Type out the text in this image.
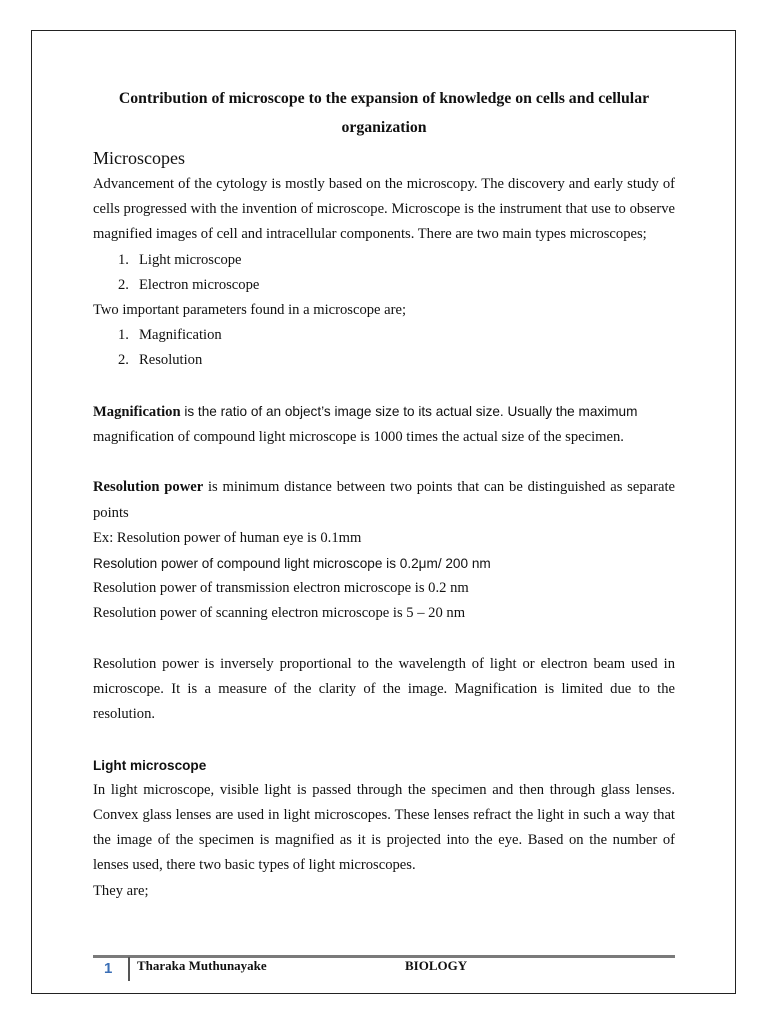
Contribution of microscope to the expansion of knowledge on cells and cellular organization
Microscopes

Advancement of the cytology is mostly based on the microscopy. The discovery and early study of cells progressed with the invention of microscope. Microscope is the instrument that use to observe magnified images of cell and intracellular components. There are two main types microscopes;

1. Light microscope
2. Electron microscope

Two important parameters found in a microscope are;

1. Magnification
2. Resolution

Magnification is the ratio of an object’s image size to its actual size. Usually the maximum

magnification of compound light microscope is 1000 times the actual size of the specimen.

Resolution power is minimum distance between two points that can be distinguished as separate points

Ex: Resolution power of human eye is 0.1mm

Resolution power of compound light microscope is 0.2μm/ 200 nm

Resolution power of transmission electron microscope is 0.2 nm

Resolution power of scanning electron microscope is 5 – 20 nm

Resolution power is inversely proportional to the wavelength of light or electron beam used in microscope. It is a measure of the clarity of the image. Magnification is limited due to the resolution.

Light microscope

In light microscope, visible light is passed through the specimen and then through glass lenses. Convex glass lenses are used in light microscopes. These lenses refract the light in such a way that the image of the specimen is magnified as it is projected into the eye. Based on the number of lenses used, there two basic types of light microscopes.

They are;

1	Tharaka Muthunayake	BIOLOGY
